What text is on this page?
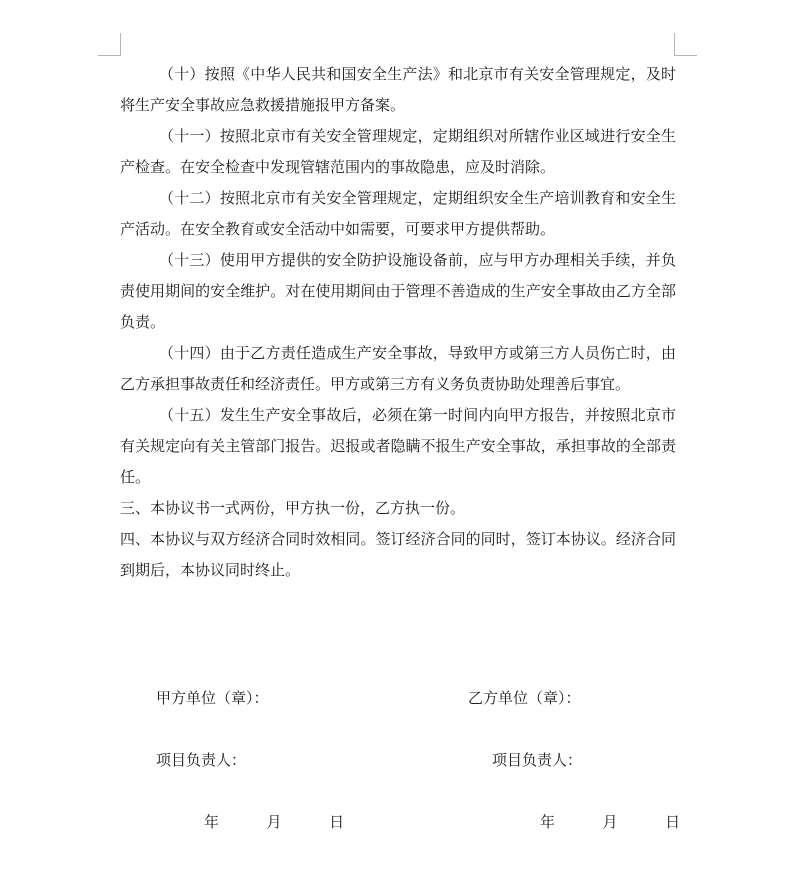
（十）按照《中华人民共和国安全生产法》和北京市有关安全管理规定，及时将生产安全事故应急救援措施报甲方备案。

（十一）按照北京市有关安全管理规定，定期组织对所辖作业区域进行安全生产检查。在安全检查中发现管辖范围内的事故隐患，应及时消除。

（十二）按照北京市有关安全管理规定，定期组织安全生产培训教育和安全生产活动。在安全教育或安全活动中如需要，可要求甲方提供帮助。

（十三）使用甲方提供的安全防护设施设备前，应与甲方办理相关手续，并负责使用期间的安全维护。对在使用期间由于管理不善造成的生产安全事故由乙方全部负责。

（十四）由于乙方责任造成生产安全事故，导致甲方或第三方人员伤亡时，由乙方承担事故责任和经济责任。甲方或第三方有义务负责协助处理善后事宜。

（十五）发生生产安全事故后，必须在第一时间内向甲方报告，并按照北京市有关规定向有关主管部门报告。迟报或者隐瞒不报生产安全事故，承担事故的全部责任。

三、本协议书一式两份，甲方执一份，乙方执一份。

四、本协议与双方经济合同时效相同。签订经济合同的同时，签订本协议。经济合同到期后，本协议同时终止。

甲方单位（章）：	乙方单位（章）：
项目负责人：	项目负责人：
年	月	日	年	月	日
